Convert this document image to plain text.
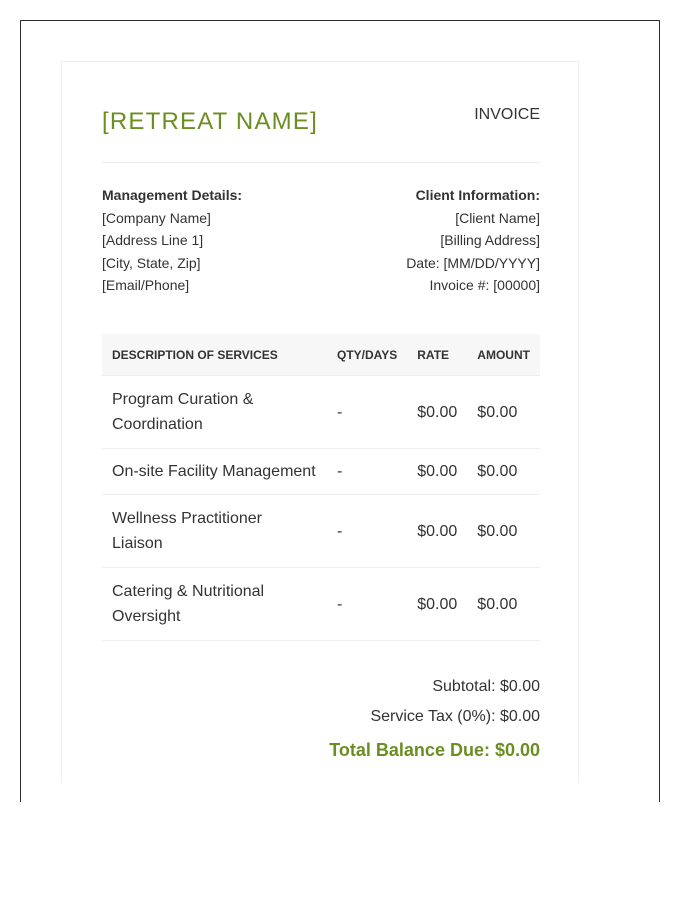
[RETREAT NAME]	INVOICE
Management Details:
[Company Name]
[Address Line 1]
[City, State, Zip]
[Email/Phone]
Client Information:
[Client Name]
[Billing Address]
Date: [MM/DD/YYYY]
Invoice #: [00000]
DESCRIPTION OF SERVICES	QTY/DAYS	RATE	AMOUNT
Program Curation & Coordination	-	$0.00	$0.00
On-site Facility Management	-	$0.00	$0.00
Wellness Practitioner Liaison	-	$0.00	$0.00
Catering & Nutritional Oversight	-	$0.00	$0.00
Subtotal: $0.00
Service Tax (0%): $0.00
Total Balance Due: $0.00
